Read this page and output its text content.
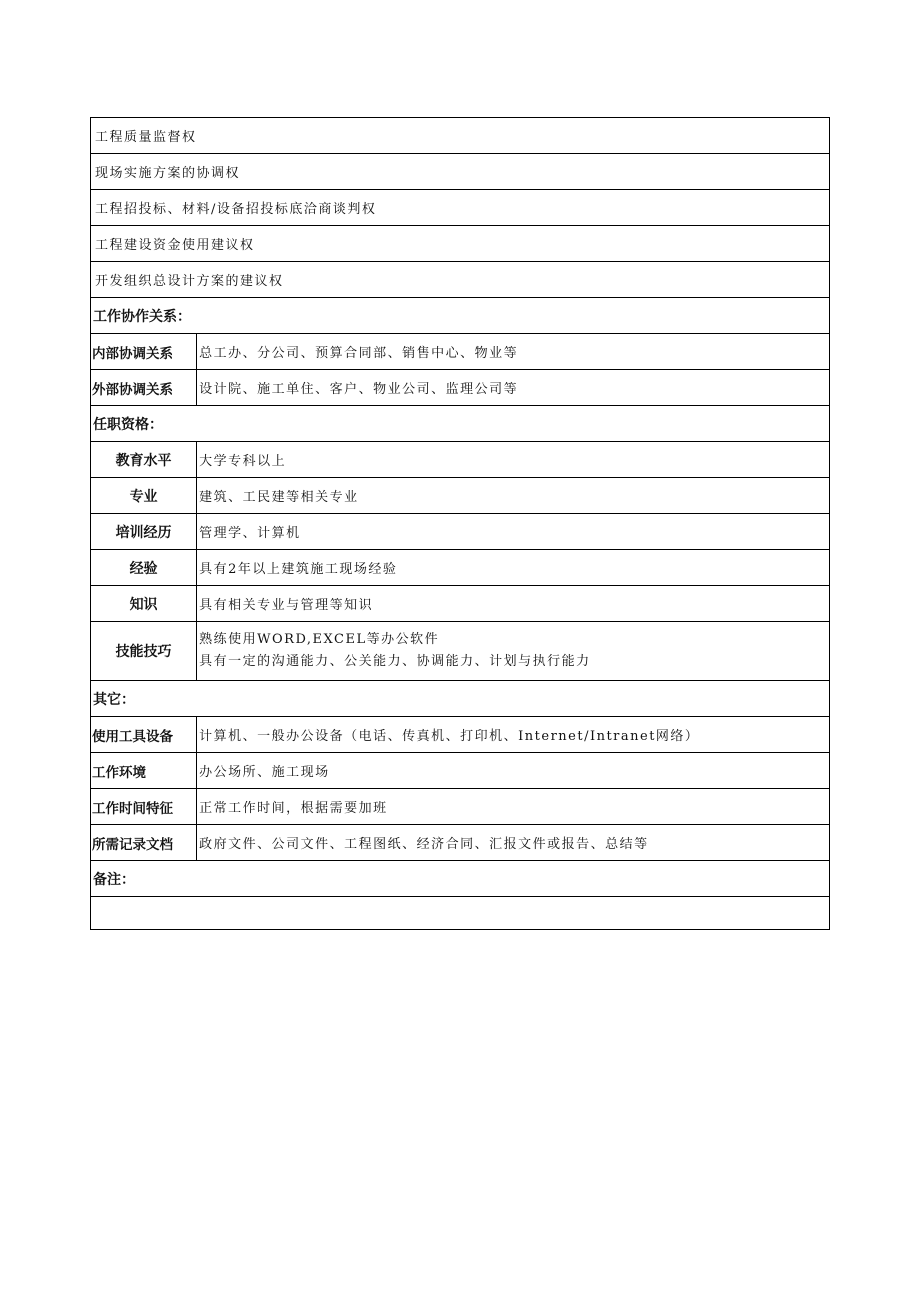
工程质量监督权	
现场实施方案的协调权	
工程招投标、材料/设备招投标底洽商谈判权	
工程建设资金使用建议权	
开发组织总设计方案的建议权	
工作协作关系：	
内部协调关系	总工办、分公司、预算合同部、销售中心、物业等
外部协调关系	设计院、施工单住、客户、物业公司、监理公司等
任职资格：	
教育水平	大学专科以上
专业	建筑、工民建等相关专业
培训经历	管理学、计算机
经验	具有2年以上建筑施工现场经验
知识	具有相关专业与管理等知识
技能技巧	熟练使用WORD,EXCEL等办公软件
具有一定的沟通能力、公关能力、协调能力、计划与执行能力

其它：	
使用工具设备	计算机、一般办公设备（电话、传真机、打印机、Internet/Intranet网络）
工作环境	办公场所、施工现场
工作时间特征	正常工作时间，根据需要加班
所需记录文档	政府文件、公司文件、工程图纸、经济合同、汇报文件或报告、总结等
备注：	
